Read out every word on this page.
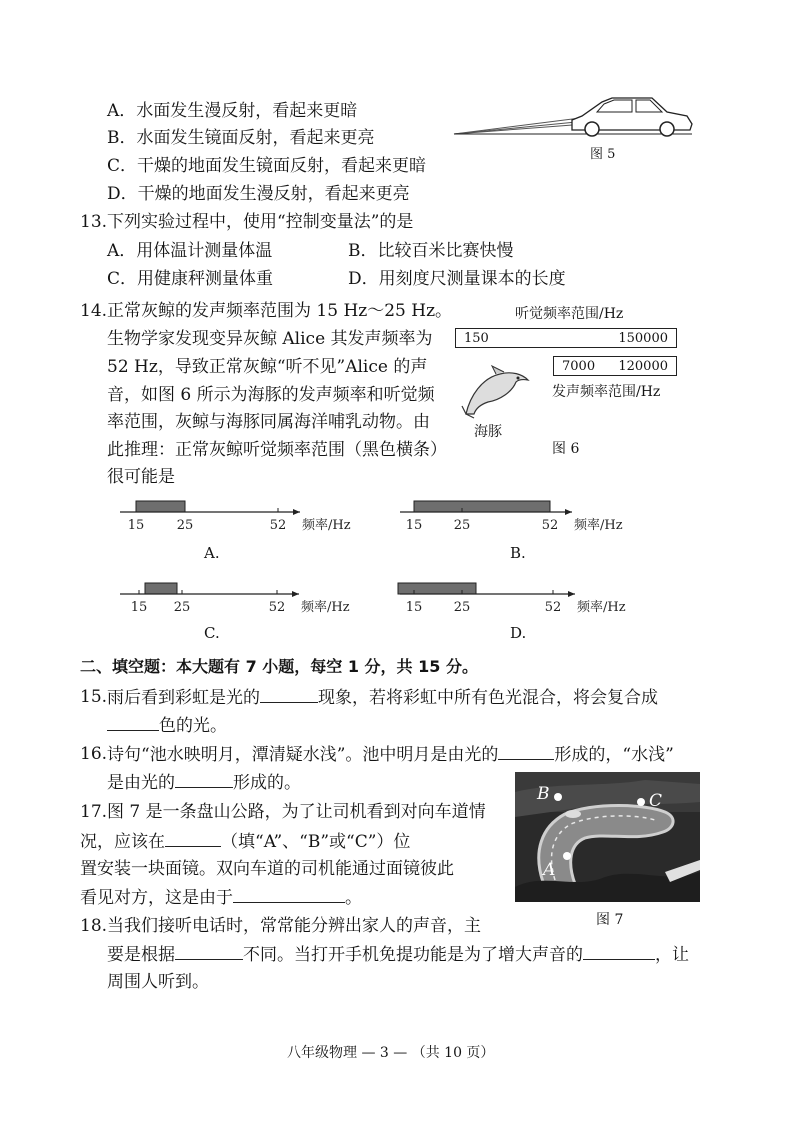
A．水面发生漫反射，看起来更暗
B．水面发生镜面反射，看起来更亮
C．干燥的地面发生镜面反射，看起来更暗
D．干燥的地面发生漫反射，看起来更亮
图 5
13. 下列实验过程中，使用“控制变量法”的是
A．用体温计测量体温	B．比较百米比赛快慢
C．用健康秤测量体重	D．用刻度尺测量课本的长度
14. 正常灰鲸的发声频率范围为 15 Hz～25 Hz。
生物学家发现变异灰鲸 Alice 其发声频率为
52 Hz，导致正常灰鲸“听不见”Alice 的声
音，如图 6 所示为海豚的发声频率和听觉频
率范围，灰鲸与海豚同属海洋哺乳动物。由
此推理：正常灰鲸听觉频率范围（黑色横条）
很可能是
听觉频率范围/Hz
150	150000
7000 120000
发声频率范围/Hz
海豚
图 6
15 25	52 频率/Hz
A.
15 25	52 频率/Hz
B.
15 25	52 频率/Hz
C.
15 25	52 频率/Hz
D.
二、填空题：本大题有 7 小题，每空 1 分，共 15 分。
15. 雨后看到彩虹是光的	现象，若将彩虹中所有色光混合，将会复合成
色的光。
16. 诗句“池水映明月，潭清疑水浅”。池中明月是由光的	形成的，“水浅”
是由光的	形成的。
17. 图 7 是一条盘山公路，为了让司机看到对向车道情
况，应该在	（填“A”、“B”或“C”）位
置安装一块面镜。双向车道的司机能通过面镜彼此
看见对方，这是由于	。
B	C
A
图 7
18. 当我们接听电话时，常常能分辨出家人的声音，主
要是根据	不同。当打开手机免提功能是为了增大声音的	，让
周围人听到。
八年级物理 — 3 — （共 10 页）
